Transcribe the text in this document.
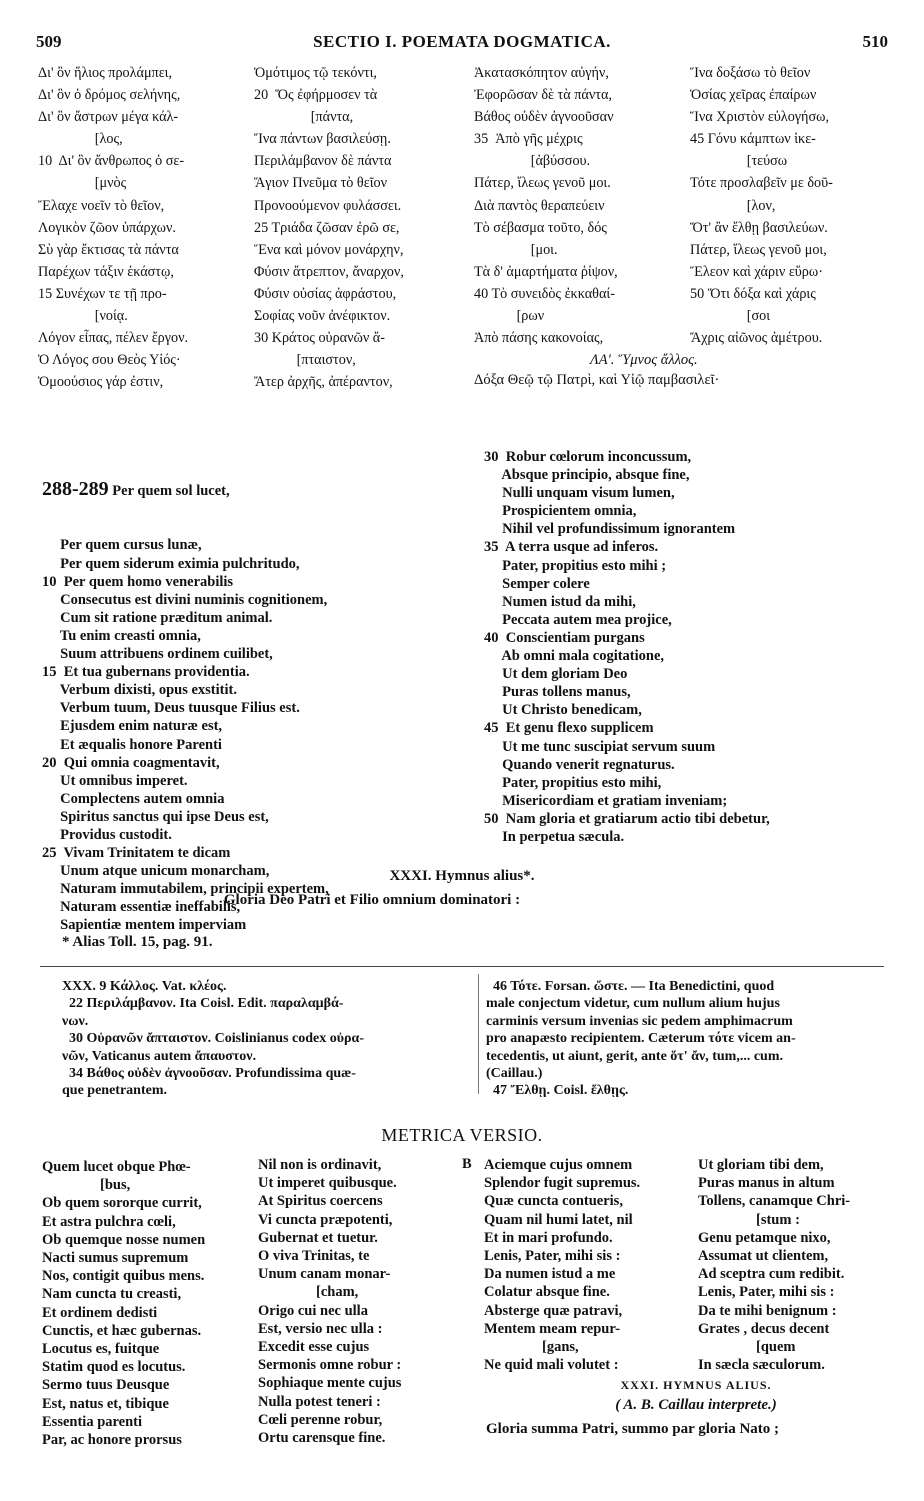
509	SECTIO I. POEMATA DOGMATICA.	510
Δι' ὃν ἥλιος προλάμπει,
Δι' ὃν ὁ δρόμος σελήνης,
Δι' ὃν ἄστρων μέγα κάλ-
[λος,
10  Δι' ὃν ἄνθρωπος ὁ σε-
[μνὸς
Ἔλαχε νοεῖν τὸ θεῖον,
Λογικὸν ζῶον ὑπάρχων.
Σὺ γὰρ ἔκτισας τὰ πάντα
Παρέχων τάξιν ἑκάστῳ,
15 Συνέχων τε τῇ προ-
[νοίᾳ.
Λόγον εἶπας, πέλεν ἔργον.
Ὁ Λόγος σου Θεὸς Υἱός·
Ὁμοούσιος γάρ ἐστιν,
Ὁμότιμος τῷ τεκόντι,
20  Ὅς ἐφήρμοσεν τὰ
[πάντα,
Ἵνα πάντων βασιλεύσῃ.
Περιλάμβανον δὲ πάντα
Ἅγιον Πνεῦμα τὸ θεῖον
Προνοούμενον φυλάσσει.
25 Τριάδα ζῶσαν ἐρῶ σε,
Ἕνα καὶ μόνον μονάρχην,
Φύσιν ἄτρεπτον, ἄναρχον,
Φύσιν οὐσίας ἀφράστου,
Σοφίας νοῦν ἀνέφικτον.
30 Κράτος οὐρανῶν ἄ-
[πταιστον,
Ἄτερ ἀρχῆς, ἀπέραντον,
Ἀκατασκόπητον αὐγήν,
Ἐφορῶσαν δὲ τὰ πάντα,
Βάθος οὐδὲν ἀγνοοῦσαν
35  Ἀπὸ γῆς μέχρις
[ἀβύσσου.
Πάτερ, ἵλεως γενοῦ μοι.
Διὰ παντὸς θεραπεύειν
Τὸ σέβασμα τοῦτο, δός
[μοι.
Τὰ δ' ἁμαρτήματα ῥίψον,
40 Τὸ συνειδὸς ἐκκαθαί-
[ρων
Ἀπὸ πάσης κακονοίας,
Ἵνα δοξάσω τὸ θεῖον
Ὁσίας χεῖρας ἐπαίρων
Ἵνα Χριστὸν εὐλογήσω,
45 Γόνυ κάμπτων ἱκε-
[τεύσω
Τότε προσλαβεῖν με δοῦ-
[λον,
Ὅτ' ἂν ἔλθῃ βασιλεύων.
Πάτερ, ἵλεως γενοῦ μοι,
Ἔλεον καὶ χάριν εὕρω·
50 Ὅτι δόξα καὶ χάρις
[σοι
Ἄχρις αἰῶνος ἀμέτρου.
ΛΑ'. Ὕμνος ἄλλος.
Δόξα Θεῷ τῷ Πατρὶ, καὶ Υἱῷ παμβασιλεῖ·

288-289 Per quem sol lucet,

Per quem cursus lunæ,
Per quem siderum eximia pulchritudo,
10  Per quem homo venerabilis
Consecutus est divini numinis cognitionem,
Cum sit ratione præditum animal.
Tu enim creasti omnia,
Suum attribuens ordinem cuilibet,
15  Et tua gubernans providentia.
Verbum dixisti, opus exstitit.
Verbum tuum, Deus tuusque Filius est.
Ejusdem enim naturæ est,
Et æqualis honore Parenti
20  Qui omnia coagmentavit,
Ut omnibus imperet.
Complectens autem omnia
Spiritus sanctus qui ipse Deus est,
Providus custodit.
25  Vivam Trinitatem te dicam
Unum atque unicum monarcham,
Naturam immutabilem, principii expertem,
Naturam essentiæ ineffabilis,
Sapientiæ mentem imperviam

30  Robur cœlorum inconcussum,
Absque principio, absque fine,
Nulli unquam visum lumen,
Prospicientem omnia,
Nihil vel profundissimum ignorantem
35  A terra usque ad inferos.
Pater, propitius esto mihi ;
Semper colere
Numen istud da mihi,
Peccata autem mea projice,
40  Conscientiam purgans
Ab omni mala cogitatione,
Ut dem gloriam Deo
Puras tollens manus,
Ut Christo benedicam,
45  Et genu flexo supplicem
Ut me tunc suscipiat servum suum
Quando venerit regnaturus.
Pater, propitius esto mihi,
Misericordiam et gratiam inveniam;
50  Nam gloria et gratiarum actio tibi debetur,
In perpetua sæcula.
XXXI. Hymnus alius*.
Gloria Deo Patri et Filio omnium dominatori :
* Alias Toll. 15, pag. 91.
XXX. 9 Κάλλος. Vat. κλέος.
22 Περιλάμβανον. Ita Coisl. Edit. παραλαμβά-
νων.
30 Οὐρανῶν ἄπταιστον. Coislinianus codex οὐρα-
νῶν, Vaticanus autem ἄπαυστον.
34 Βάθος οὐδὲν ἀγνοοῦσαν. Profundissima quæ-
que penetrantem.
46 Τότε. Forsan. ὥστε. — Ita Benedictini, quod
male conjectum videtur, cum nullum alium hujus
carminis versum invenias sic pedem amphimacrum
pro anapæsto recipientem. Cæterum τότε vicem an-
tecedentis, ut aiunt, gerit, ante ὅτ' ἄν, tum,... cum.
(Caillau.)
47 Ἔλθῃ. Coisl. ἔλθῃς.
METRICA VERSIO.
Quem lucet obque Phœ-
[bus,
Ob quem sororque currit,
Et astra pulchra cœli,
Ob quemque nosse numen
Nacti sumus supremum
Nos, contigit quibus mens.
Nam cuncta tu creasti,
Et ordinem dedisti
Cunctis, et hæc gubernas.
Locutus es, fuitque
Statim quod es locutus.
Sermo tuus Deusque
Est, natus et, tibique
Essentia parenti
Par, ac honore prorsus
Nil non is ordinavit,
Ut imperet quibusque.
At Spiritus coercens
Vi cuncta præpotenti,
Gubernat et tuetur.
O viva Trinitas, te
Unum canam monar-
[cham,
Origo cui nec ulla
Est, versio nec ulla :
Excedit esse cujus
Sermonis omne robur :
Sophiaque mente cujus
Nulla potest teneri :
Cœli perenne robur,
Ortu carensque fine.
B Aciemque cujus omnem
Splendor fugit supremus.
Quæ cuncta contueris,
Quam nil humi latet, nil
Et in mari profundo.
Lenis, Pater, mihi sis :
Da numen istud a me
Colatur absque fine.
Absterge quæ patravi,
Mentem meam repur-
[gans,
Ne quid mali volutet :
Ut gloriam tibi dem,
Puras manus in altum
Tollens, canamque Chri-
[stum :
Genu petamque nixo,
Assumat ut clientem,
Ad sceptra cum redibit.
Lenis, Pater, mihi sis :
Da te mihi benignum :
Grates , decus decent
[quem
In sæcla sæculorum.
XXXI. HYMNUS ALIUS.
( A. B. Caillau interprete.)
Gloria summa Patri, summo par gloria Nato ;
